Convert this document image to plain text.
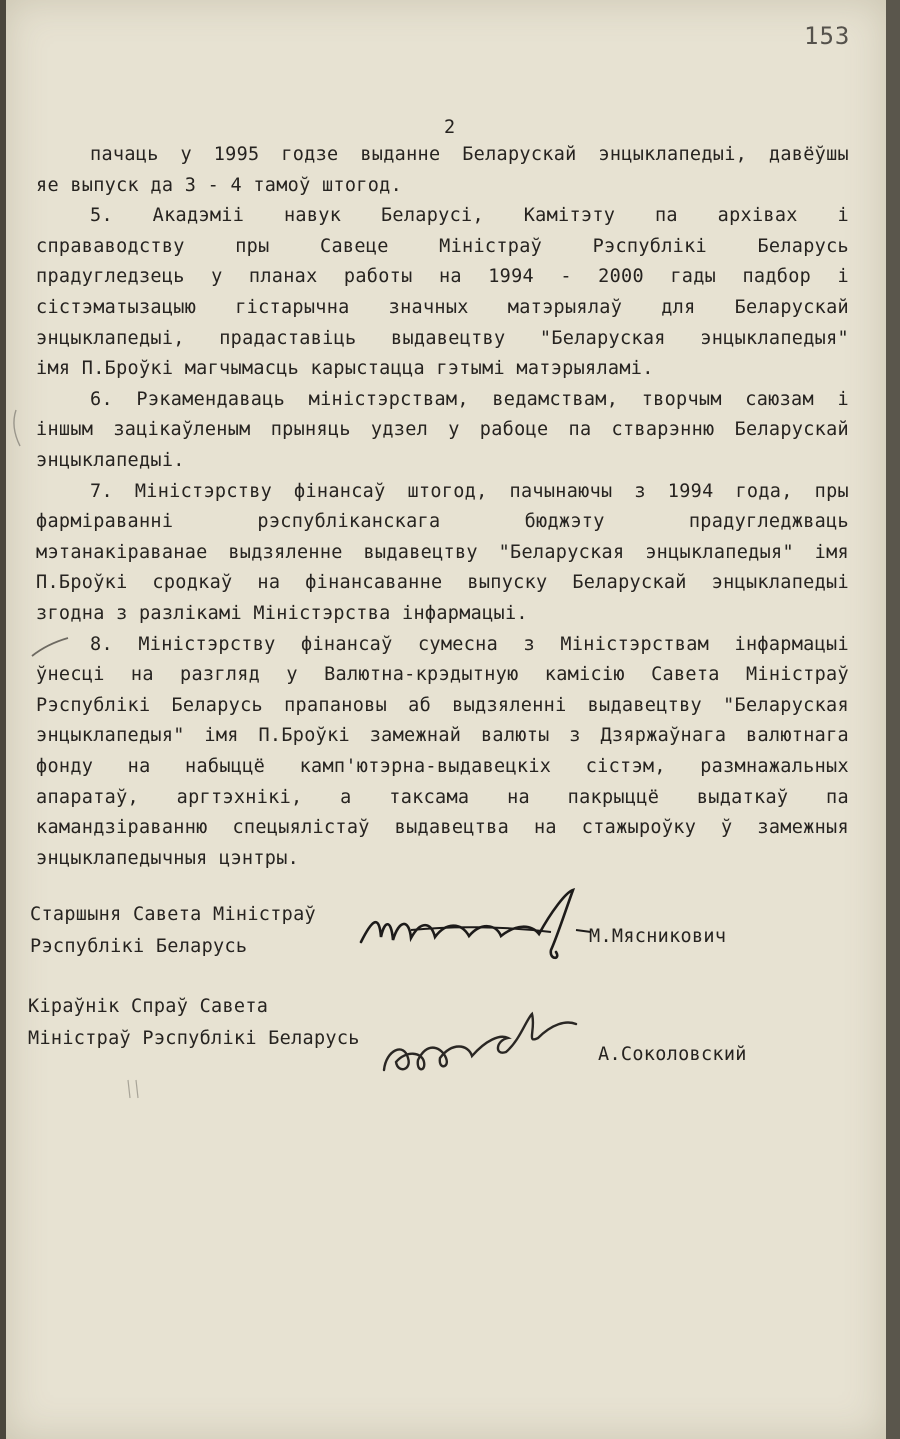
153
2
пачаць у 1995 годзе выданне Беларускай энцыклапедыі, давёўшы
яе выпуск да 3 - 4 тамоў штогод.
5. Акадэміі навук Беларусі, Камітэту па архівах і
справаводству	пры	Савеце	Міністраў	Рэспублікі	Беларусь
прадугледзець у планах работы на 1994 - 2000 гады падбор і
сістэматызацыю гістарычна значных матэрыялаў для Беларускай
энцыклапедыі, прадаставіць выдавецтву "Беларуская энцыклапедыя"
імя П.Броўкі магчымасць карыстацца гэтымі матэрыяламі.
6. Рэкамендаваць міністэрствам, ведамствам, творчым саюзам і
іншым зацікаўленым прыняць удзел у рабоце па стварэнню Беларускай
энцыклапедыі.
7. Міністэрству фінансаў штогод, пачынаючы з 1994 года, пры
фарміраванні	рэспубліканскага	бюджэту	прадугледжваць
мэтанакіраванае выдзяленне выдавецтву "Беларуская энцыклапедыя" імя
П.Броўкі сродкаў на фінансаванне выпуску Беларускай энцыклапедыі
згодна з разлікамі Міністэрства інфармацыі.
8. Міністэрству фінансаў сумесна з Міністэрствам інфармацыі
ўнесці на разгляд у Валютна-крэдытную камісію Савета Міністраў
Рэспублікі Беларусь прапановы аб выдзяленні выдавецтву "Беларуская
энцыклапедыя" імя П.Броўкі замежнай валюты з Дзяржаўнага валютнага
фонду на набыццё камп'ютэрна-выдавецкіх сістэм, размнажальных
апаратаў, аргтэхнікі, а таксама на пакрыццё выдаткаў па
камандзіраванню спецыялістаў выдавецтва на стажыроўку ў замежныя
энцыклапедычныя цэнтры.
Старшыня Савета Міністраў
Рэспублікі Беларусь	М.Мясникович
Кіраўнік Спраў Савета
Міністраў Рэспублікі Беларусь
А.Соколовский
